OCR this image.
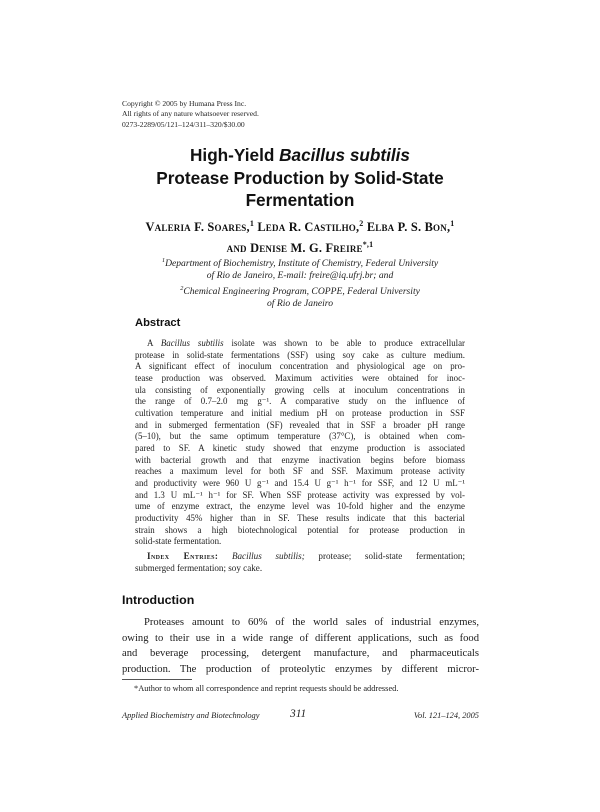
Copyright © 2005 by Humana Press Inc.
All rights of any nature whatsoever reserved.
0273-2289/05/121–124/311–320/$30.00
High-Yield Bacillus subtilis
Protease Production by Solid-State
Fermentation
Valeria F. Soares,$^1$ Leda R. Castilho,$^2$ Elba P. S. Bon,$^1$
and Denise M. G. Freire$^{*,1}$
$^1$Department of Biochemistry, Institute of Chemistry, Federal University
of Rio de Janeiro, E-mail: freire@iq.ufrj.br; and
$^2$Chemical Engineering Program, COPPE, Federal University
of Rio de Janeiro
Abstract
A Bacillus subtilis isolate was shown to be able to produce extracellular
protease in solid-state fermentations (SSF) using soy cake as culture medium.
A significant effect of inoculum concentration and physiological age on pro-
tease production was observed. Maximum activities were obtained for inoc-
ula consisting of exponentially growing cells at inoculum concentrations in
the range of 0.7–2.0 mg g⁻¹. A comparative study on the influence of
cultivation temperature and initial medium pH on protease production in SSF
and in submerged fermentation (SF) revealed that in SSF a broader pH range
(5–10), but the same optimum temperature (37°C), is obtained when com-
pared to SF. A kinetic study showed that enzyme production is associated
with bacterial growth and that enzyme inactivation begins before biomass
reaches a maximum level for both SF and SSF. Maximum protease activity
and productivity were 960 U g⁻¹ and 15.4 U g⁻¹ h⁻¹ for SSF, and 12 U mL⁻¹
and 1.3 U mL⁻¹ h⁻¹ for SF. When SSF protease activity was expressed by vol-
ume of enzyme extract, the enzyme level was 10-fold higher and the enzyme
productivity 45% higher than in SF. These results indicate that this bacterial
strain shows a high biotechnological potential for protease production in
solid-state fermentation.
Index Entries: Bacillus subtilis; protease; solid-state fermentation;
submerged fermentation; soy cake.
Introduction
Proteases amount to 60% of the world sales of industrial enzymes,
owing to their use in a wide range of different applications, such as food
and beverage processing, detergent manufacture, and pharmaceuticals
production. The production of proteolytic enzymes by different micror-
*Author to whom all correspondence and reprint requests should be addressed.
Applied Biochemistry and Biotechnology	311	Vol. 121–124, 2005
